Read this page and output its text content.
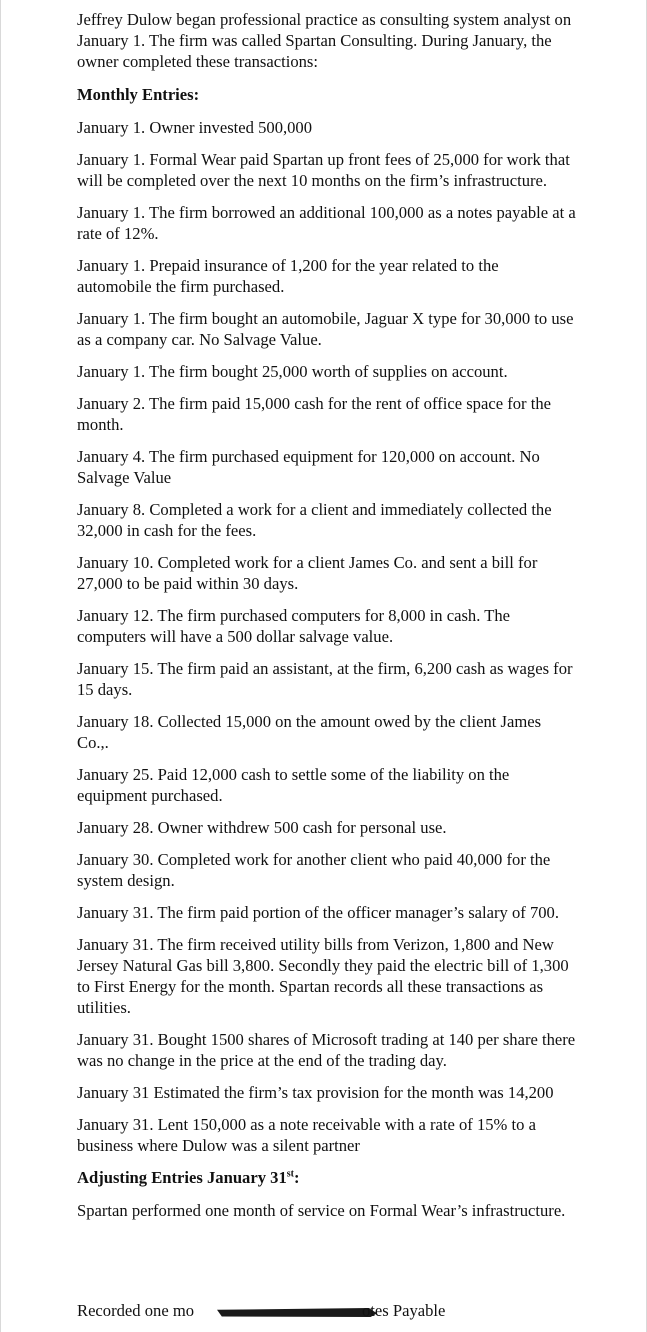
Jeffrey Dulow began professional practice as consulting system analyst on January 1. The firm was called Spartan Consulting. During January, the owner completed these transactions:

Monthly Entries:

January 1. Owner invested 500,000

January 1. Formal Wear paid Spartan up front fees of 25,000 for work that will be completed over the next 10 months on the firm’s infrastructure.

January 1. The firm borrowed an additional 100,000 as a notes payable at a rate of 12%.

January 1. Prepaid insurance of 1,200 for the year related to the automobile the firm purchased.

January 1. The firm bought an automobile, Jaguar X type for 30,000 to use as a company car. No Salvage Value.

January 1. The firm bought 25,000 worth of supplies on account.

January 2. The firm paid 15,000 cash for the rent of office space for the month.

January 4. The firm purchased equipment for 120,000 on account. No Salvage Value

January 8. Completed a work for a client and immediately collected the 32,000 in cash for the fees.

January 10. Completed work for a client James Co. and sent a bill for 27,000 to be paid within 30 days.

January 12. The firm purchased computers for 8,000 in cash. The computers will have a 500 dollar salvage value.

January 15. The firm paid an assistant, at the firm, 6,200 cash as wages for 15 days.

January 18. Collected 15,000 on the amount owed by the client James Co.,.

January 25. Paid 12,000 cash to settle some of the liability on the equipment purchased.

January 28. Owner withdrew 500 cash for personal use.

January 30. Completed work for another client who paid 40,000 for the system design.

January 31. The firm paid portion of the officer manager’s salary of 700.

January 31. The firm received utility bills from Verizon, 1,800 and New Jersey Natural Gas bill 3,800. Secondly they paid the electric bill of 1,300 to First Energy for the month. Spartan records all these transactions as utilities.

January 31. Bought 1500 shares of Microsoft trading at 140 per share there was no change in the price at the end of the trading day.

January 31 Estimated the firm’s tax provision for the month was 14,200

January 31. Lent 150,000 as a note receivable with a rate of 15% to a business where Dulow was a silent partner

Adjusting Entries January 31st:

Spartan performed one month of service on Formal Wear’s infrastructure.

Recorded one mo	otes Payable
